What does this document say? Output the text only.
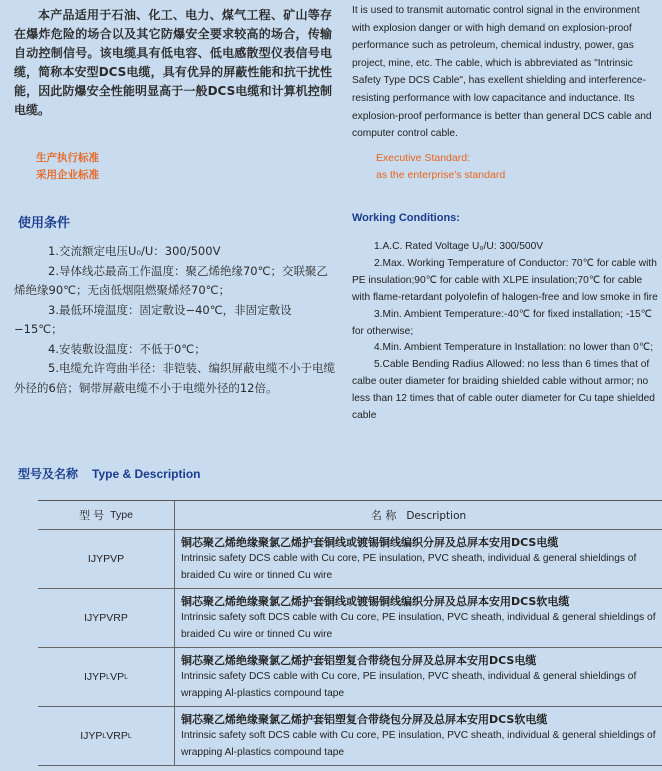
本产品适用于石油、化工、电力、煤气工程、矿山等存在爆炸危险的场合以及其它防爆安全要求较高的场合，传输自动控制信号。该电缆具有低电容、低电感散型仪表信号电缆，简称本安型DCS电缆，具有优异的屏蔽性能和抗干扰性能，因此防爆安全性能明显高于一般DCS电缆和计算机控制电缆。
It is used to transmit automatic control signal in the environment with explosion danger or with high demand on explosion-proof performance such as petroleum, chemical industry, power, gas project, mine, etc. The cable, which is abbreviated as "Intrinsic Safety Type DCS Cable", has exellent shielding and interference-resisting performance with low capacitance and inductance. Its explosion-proof performance is better than general DCS cable and computer control cable.
生产执行标准
采用企业标准
Executive Standard:
as the enterprise's standard
使用条件	Working Conditions:

1.交流额定电压U₀/U：300/500V

2.导体线芯最高工作温度：聚乙烯绝缘70℃；交联聚乙烯绝缘90℃；无卤低烟阻燃聚烯烃70℃；

3.最低环境温度：固定敷设−40℃，非固定敷设−15℃；

4.安装敷设温度：不低于0℃；

5.电缆允许弯曲半径：非铠装、编织屏蔽电缆不小于电缆外径的6倍；铜带屏蔽电缆不小于电缆外径的12倍。

1.A.C. Rated Voltage U₀/U: 300/500V

2.Max. Working Temperature of Conductor: 70℃ for cable with PE insulation;90℃ for cable with XLPE insulation;70℃ for cable with flame-retardant polyolefin of halogen-free and low smoke in fire

3.Min. Ambient Temperature:-40℃ for fixed installation; -15℃ for otherwise;

4.Min. Ambient Temperature in Installation: no lower than 0℃;

5.Cable Bending Radius Allowed: no less than 6 times that of calbe outer diameter for braiding shielded cable without armor; no less than 12 times that of cable outer diameter for Cu tape shielded cable

型号及名称 Type & Description
型 号 Type	名 称 Description
IJYPVP
铜芯聚乙烯绝缘聚氯乙烯护套铜线或镀锡铜线编织分屏及总屏本安用DCS电缆
Intrinsic safety DCS cable with Cu core, PE insulation, PVC sheath, individual & general shieldings of braided Cu wire or tinned Cu wire
IJYPVRP
铜芯聚乙烯绝缘聚氯乙烯护套铜线或镀锡铜线编织分屏及总屏本安用DCS软电缆
Intrinsic safety soft DCS cable with Cu core, PE insulation, PVC sheath, individual & general shieldings of braided Cu wire or tinned Cu wire
IJYP L VP L
铜芯聚乙烯绝缘聚氯乙烯护套铝塑复合带绕包分屏及总屏本安用DCS电缆
Intrinsic safety DCS cable with Cu core, PE insulation, PVC sheath, individual & general shieldings of wrapping Al-plastics compound tape
IJYP L VRP L
铜芯聚乙烯绝缘聚氯乙烯护套铝塑复合带绕包分屏及总屏本安用DCS软电缆
Intrinsic safety soft DCS cable with Cu core, PE insulation, PVC sheath, individual & general shieldings of wrapping Al-plastics compound tape
